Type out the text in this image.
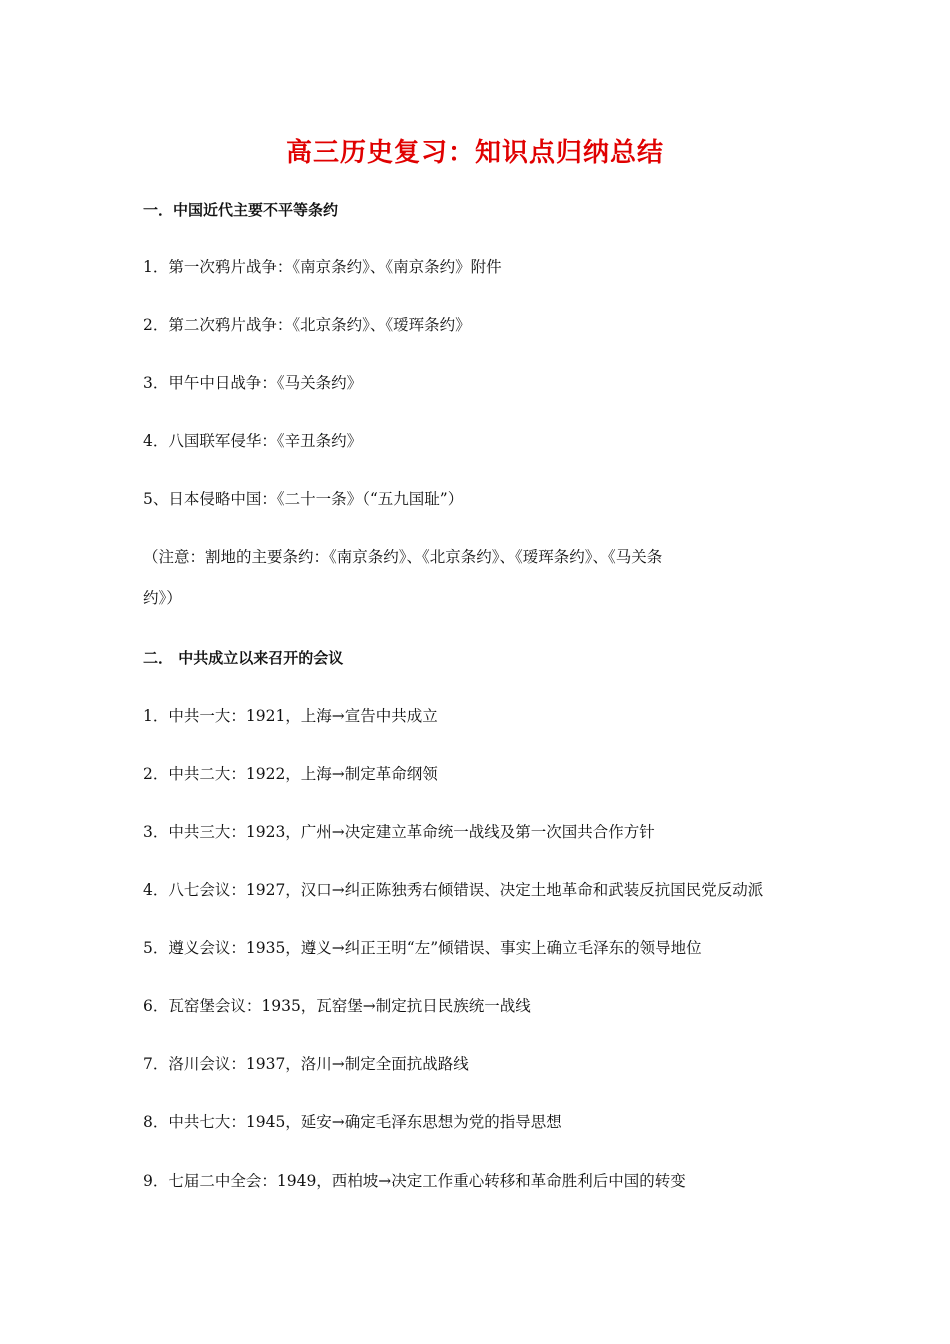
高三历史复习：知识点归纳总结
一．中国近代主要不平等条约
1．第一次鸦片战争：《南京条约》、《南京条约》附件
2．第二次鸦片战争：《北京条约》、《瑷珲条约》
3．甲午中日战争：《马关条约》
4．八国联军侵华：《辛丑条约》
5、日本侵略中国：《二十一条》（“五九国耻”）
（注意：割地的主要条约：《南京条约》、《北京条约》、《瑷珲条约》、《马关条
约》）
二． 中共成立以来召开的会议
1．中共一大：1921，上海→宣告中共成立
2．中共二大：1922，上海→制定革命纲领
3．中共三大：1923，广州→决定建立革命统一战线及第一次国共合作方针
4．八七会议：1927，汉口→纠正陈独秀右倾错误、决定土地革命和武装反抗国民党反动派
5．遵义会议：1935，遵义→纠正王明“左”倾错误、事实上确立毛泽东的领导地位
6．瓦窑堡会议：1935，瓦窑堡→制定抗日民族统一战线
7．洛川会议：1937，洛川→制定全面抗战路线
8．中共七大：1945，延安→确定毛泽东思想为党的指导思想
9．七届二中全会：1949，西柏坡→决定工作重心转移和革命胜利后中国的转变
